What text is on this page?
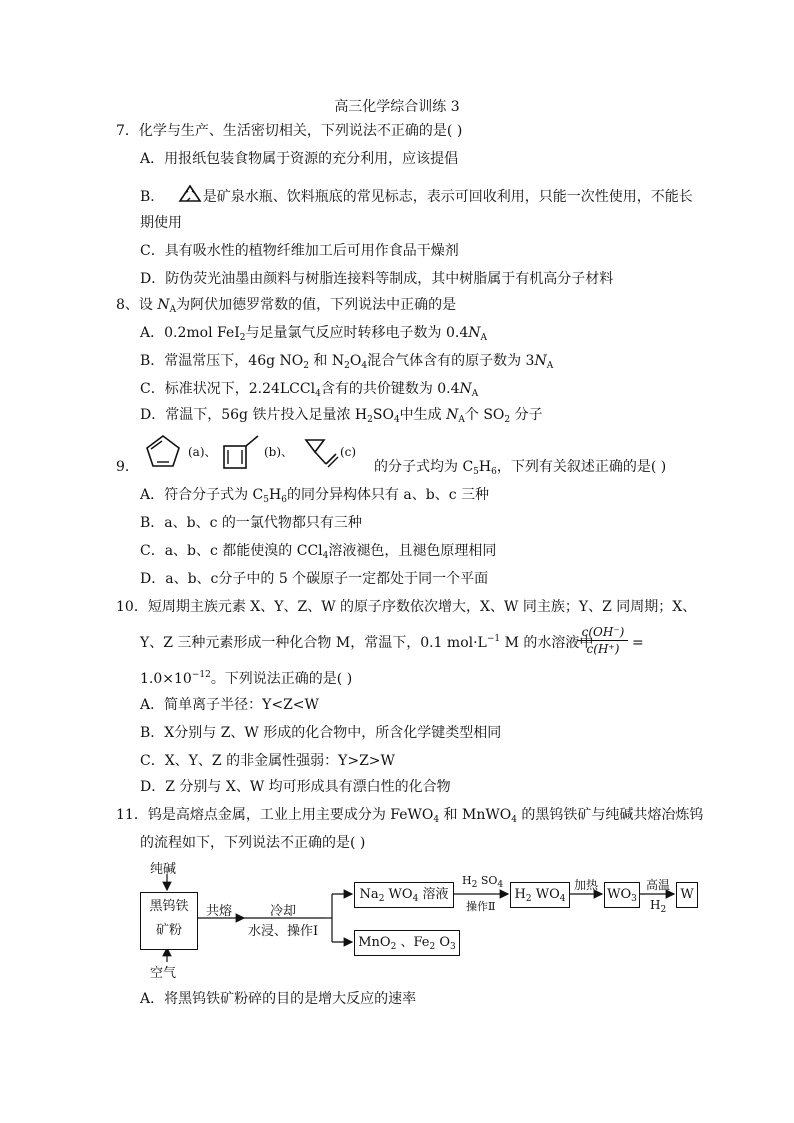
高三化学综合训练 3
7．化学与生产、生活密切相关，下列说法不正确的是( )
A．用报纸包装食物属于资源的充分利用，应该提倡
B．	是矿泉水瓶、饮料瓶底的常见标志，表示可回收利用，只能一次性使用，不能长
期使用
C．具有吸水性的植物纤维加工后可用作食品干燥剂
D．防伪荧光油墨由颜料与树脂连接料等制成，其中树脂属于有机高分子材料
8、设 $N_A$为阿伏加德罗常数的值，下列说法中正确的是
A．0.2mol FeI$_2$与足量氯气反应时转移电子数为 $0.4N_A$
B．常温常压下，46g $NO_2$ 和 $N_2O_4$混合气体含有的原子数为 $3N_A$
C．标准状况下，2.24LCCl$_4$含有的共价键数为 $0.4N_A$
D．常温下，56g 铁片投入足量浓 $H_2SO_4$中生成 $N_A$个 $SO_2$ 分子
9.
(a)、	(b)、	(c)
的分子式均为 $C_5H_6$，下列有关叙述正确的是( )
A．符合分子式为 $C_5H_6$的同分异构体只有 a、b、c 三种
B．a、b、c 的一氯代物都只有三种
C．a、b、c 都能使溴的 CCl$_4$溶液褪色，且褪色原理相同
D．a、b、c分子中的 5 个碳原子一定都处于同一个平面
10．短周期主族元素 X、Y、Z、W 的原子序数依次增大，X、W 同主族；Y、Z 同周期；X、
Y、Z 三种元素形成一种化合物 M，常温下，0.1 $mol\cdot L^{-1}$ M 的水溶液中
$\frac{c(OH^-)}{c(H^+)}$ =
$1.0\times 10^{-12}$。下列说法正确的是( )
A．简单离子半径：Y<Z<W
B．X分别与 Z、W 形成的化合物中，所含化学键类型相同
C．X、Y、Z 的非金属性强弱：Y>Z>W
D．Z 分别与 X、W 均可形成具有漂白性的化合物
11．钨是高熔点金属，工业上用主要成分为 FeWO$_4$ 和 MnWO$_4$ 的黑钨铁矿与纯碱共熔冶炼钨
的流程如下，下列说法不正确的是( )
纯碱
黑钨铁
矿粉
空气
共熔	冷却
水浸、操作Ⅰ
$Na_2$ $WO_4$ 溶液
$H_2$ $SO_4$
操作Ⅱ
$H_2$ $WO_4$
加热
$WO_3$
高温
$H_2$
W
MnO$_2$ 、$Fe_2$ $O_3$
A．将黑钨铁矿粉碎的目的是增大反应的速率
